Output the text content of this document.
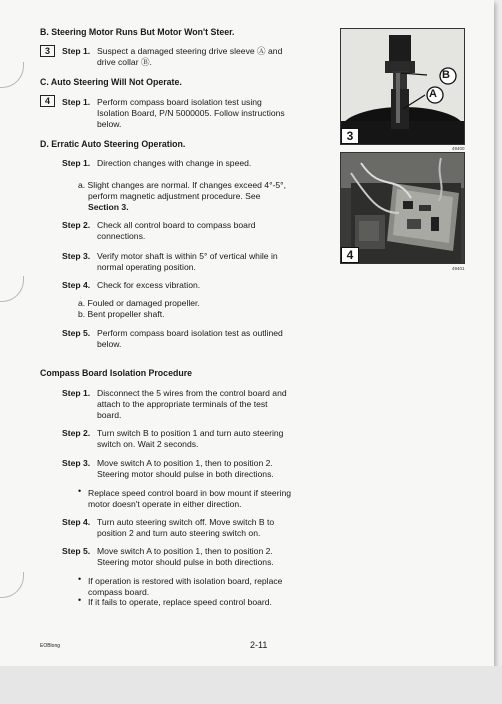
B. Steering Motor Runs But Motor Won't Steer.
3	Step 1. Suspect a damaged steering drive sleeve Ⓐ and
drive collar Ⓑ.
C. Auto Steering Will Not Operate.
4	Step 1. Perform compass board isolation test using
Isolation Board, P/N 5000005. Follow instructions
below.
D. Erratic Auto Steering Operation.
Step 1. Direction changes with change in speed.
a. Slight changes are normal. If changes exceed 4°-5°,
perform magnetic adjustment procedure. See
Section 3.
Step 2. Check all control board to compass board
connections.
Step 3. Verify motor shaft is within 5° of vertical while in
normal operating position.
Step 4. Check for excess vibration.
a. Fouled or damaged propeller.
b. Bent propeller shaft.
Step 5. Perform compass board isolation test as outlined
below.
Compass Board Isolation Procedure
Step 1. Disconnect the 5 wires from the control board and
attach to the appropriate terminals of the test
board.
Step 2. Turn switch B to position 1 and turn auto steering
switch on. Wait 2 seconds.
Step 3. Move switch A to position 1, then to position 2.
Steering motor should pulse in both directions.
• Replace speed control board in bow mount if steering
motor doesn't operate in either direction.
Step 4. Turn auto steering switch off. Move switch B to
position 2 and turn auto steering switch on.
Step 5. Move switch A to position 1, then to position 2.
Steering motor should pulse in both directions.
• If operation is restored with isolation board, replace
compass board.
• If it fails to operate, replace speed control board.
B
A
3
49400
4
49401
EOBlong	2-11
